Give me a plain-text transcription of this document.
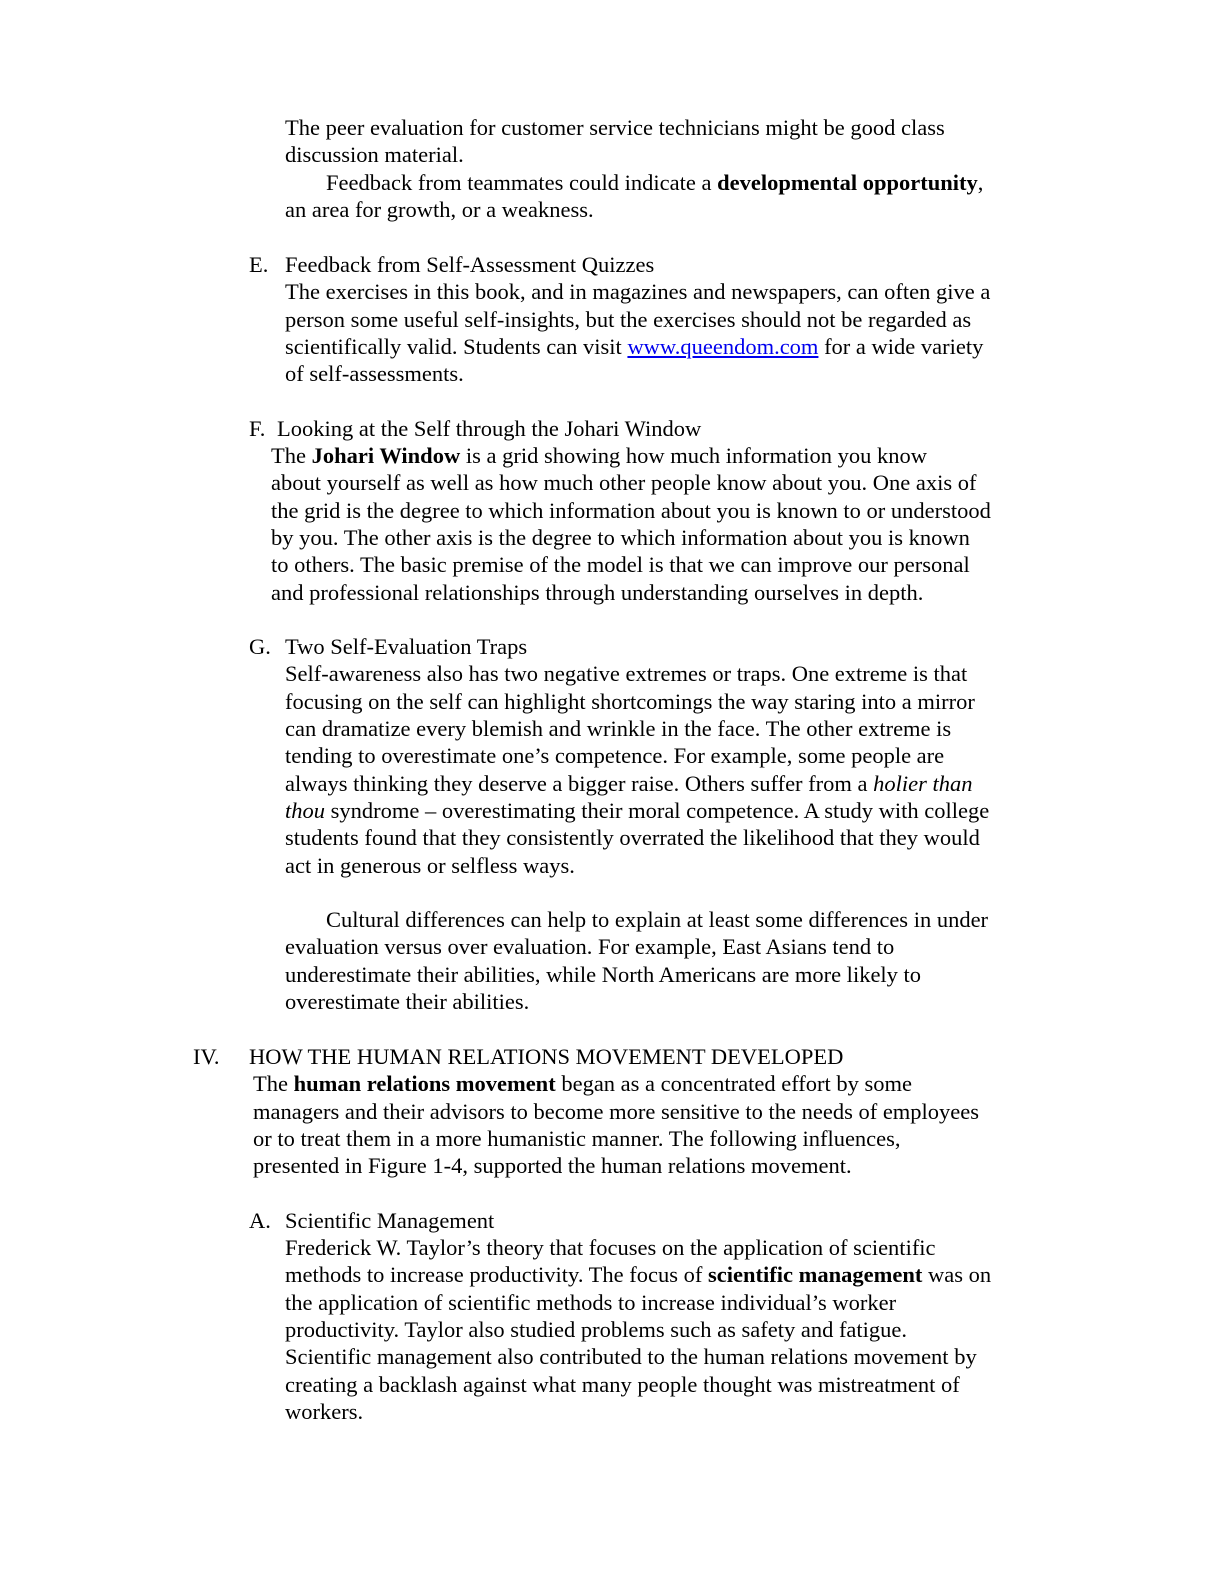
The peer evaluation for customer service technicians might be good class
discussion material.
Feedback from teammates could indicate a developmental opportunity,
an area for growth, or a weakness.
E. Feedback from Self-Assessment Quizzes
The exercises in this book, and in magazines and newspapers, can often give a
person some useful self-insights, but the exercises should not be regarded as
scientifically valid. Students can visit www.queendom.com for a wide variety
of self-assessments.
F. Looking at the Self through the Johari Window
The Johari Window is a grid showing how much information you know
about yourself as well as how much other people know about you. One axis of
the grid is the degree to which information about you is known to or understood
by you. The other axis is the degree to which information about you is known
to others. The basic premise of the model is that we can improve our personal
and professional relationships through understanding ourselves in depth.
G. Two Self-Evaluation Traps
Self-awareness also has two negative extremes or traps. One extreme is that
focusing on the self can highlight shortcomings the way staring into a mirror
can dramatize every blemish and wrinkle in the face. The other extreme is
tending to overestimate one’s competence. For example, some people are
always thinking they deserve a bigger raise. Others suffer from a holier than
thou syndrome – overestimating their moral competence. A study with college
students found that they consistently overrated the likelihood that they would
act in generous or selfless ways.
Cultural differences can help to explain at least some differences in under
evaluation versus over evaluation. For example, East Asians tend to
underestimate their abilities, while North Americans are more likely to
overestimate their abilities.
IV. HOW THE HUMAN RELATIONS MOVEMENT DEVELOPED
The human relations movement began as a concentrated effort by some
managers and their advisors to become more sensitive to the needs of employees
or to treat them in a more humanistic manner. The following influences,
presented in Figure 1-4, supported the human relations movement.
A. Scientific Management
Frederick W. Taylor’s theory that focuses on the application of scientific
methods to increase productivity. The focus of scientific management was on
the application of scientific methods to increase individual’s worker
productivity. Taylor also studied problems such as safety and fatigue.
Scientific management also contributed to the human relations movement by
creating a backlash against what many people thought was mistreatment of
workers.
